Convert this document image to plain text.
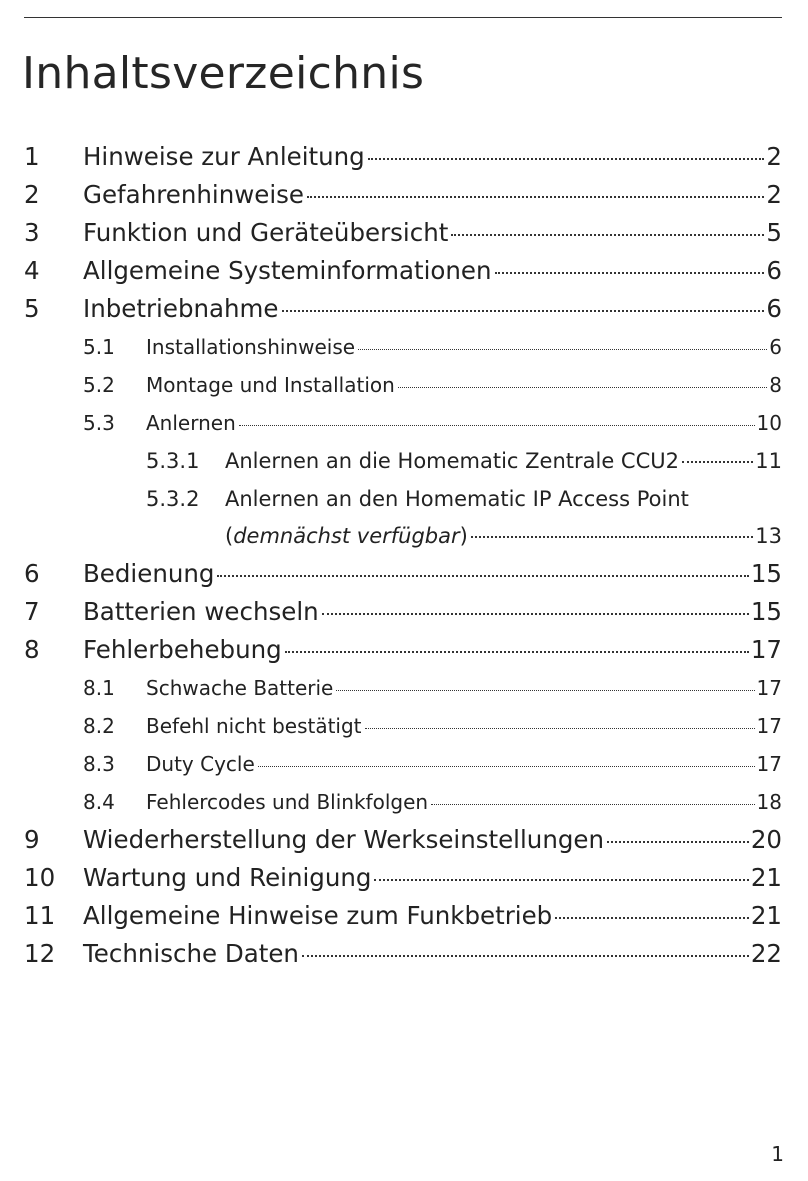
Inhaltsverzeichnis
1 Hinweise zur Anleitung	2
2 Gefahrenhinweise	2
3 Funktion und Geräteübersicht	5
4 Allgemeine Systeminformationen	6
5 Inbetriebnahme	6
5.1 Installationshinweise	6
5.2 Montage und Installation	8
5.3 Anlernen	10
5.3.1 Anlernen an die Homematic Zentrale CCU2	11
5.3.2 Anlernen an den Homematic IP Access Point
(demnächst verfügbar)	13
6 Bedienung	15
7 Batterien wechseln	15
8 Fehlerbehebung	17
8.1 Schwache Batterie	17
8.2 Befehl nicht bestätigt	17
8.3 Duty Cycle	17
8.4 Fehlercodes und Blinkfolgen	18
9 Wiederherstellung der Werkseinstellungen	20
10 Wartung und Reinigung	21
11 Allgemeine Hinweise zum Funkbetrieb	21
12 Technische Daten	22
1
